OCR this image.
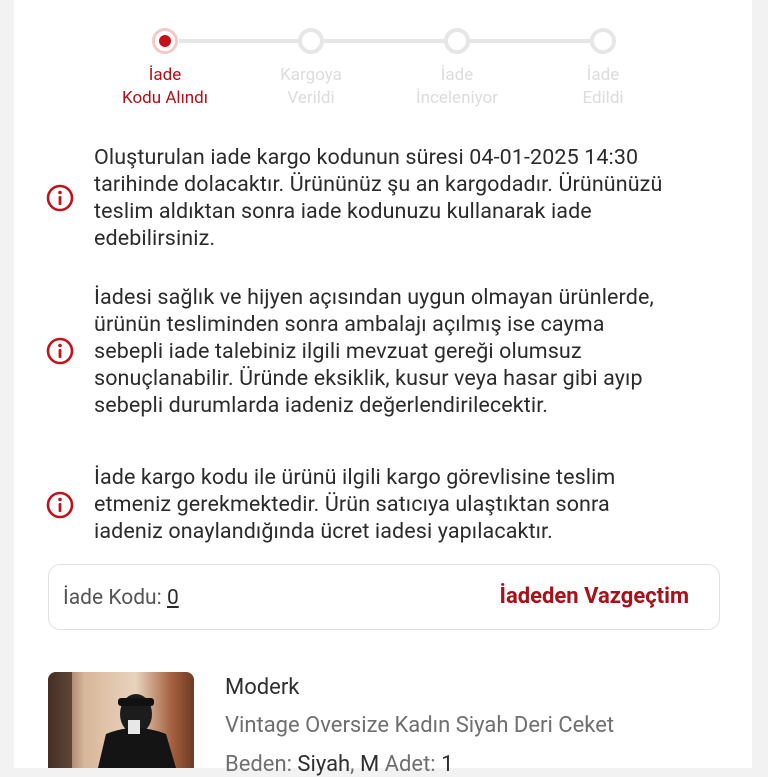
İade
Kodu Alındı
Kargoya
Verildi
İade
İnceleniyor
İade
Edildi
Oluşturulan iade kargo kodunun süresi 04-01-2025 14:30
tarihinde dolacaktır. Ürününüz şu an kargodadır. Ürününüzü
teslim aldıktan sonra iade kodunuzu kullanarak iade
edebilirsiniz.
İadesi sağlık ve hijyen açısından uygun olmayan ürünlerde,
ürünün tesliminden sonra ambalajı açılmış ise cayma
sebepli iade talebiniz ilgili mevzuat gereği olumsuz
sonuçlanabilir. Üründe eksiklik, kusur veya hasar gibi ayıp
sebepli durumlarda iadeniz değerlendirilecektir.
İade kargo kodu ile ürünü ilgili kargo görevlisine teslim
etmeniz gerekmektedir. Ürün satıcıya ulaştıktan sonra
iadeniz onaylandığında ücret iadesi yapılacaktır.
İade Kodu: 0	İadeden Vazgeçtim
Moderk
Vintage Oversize Kadın Siyah Deri Ceket
Beden: Siyah, M Adet: 1
